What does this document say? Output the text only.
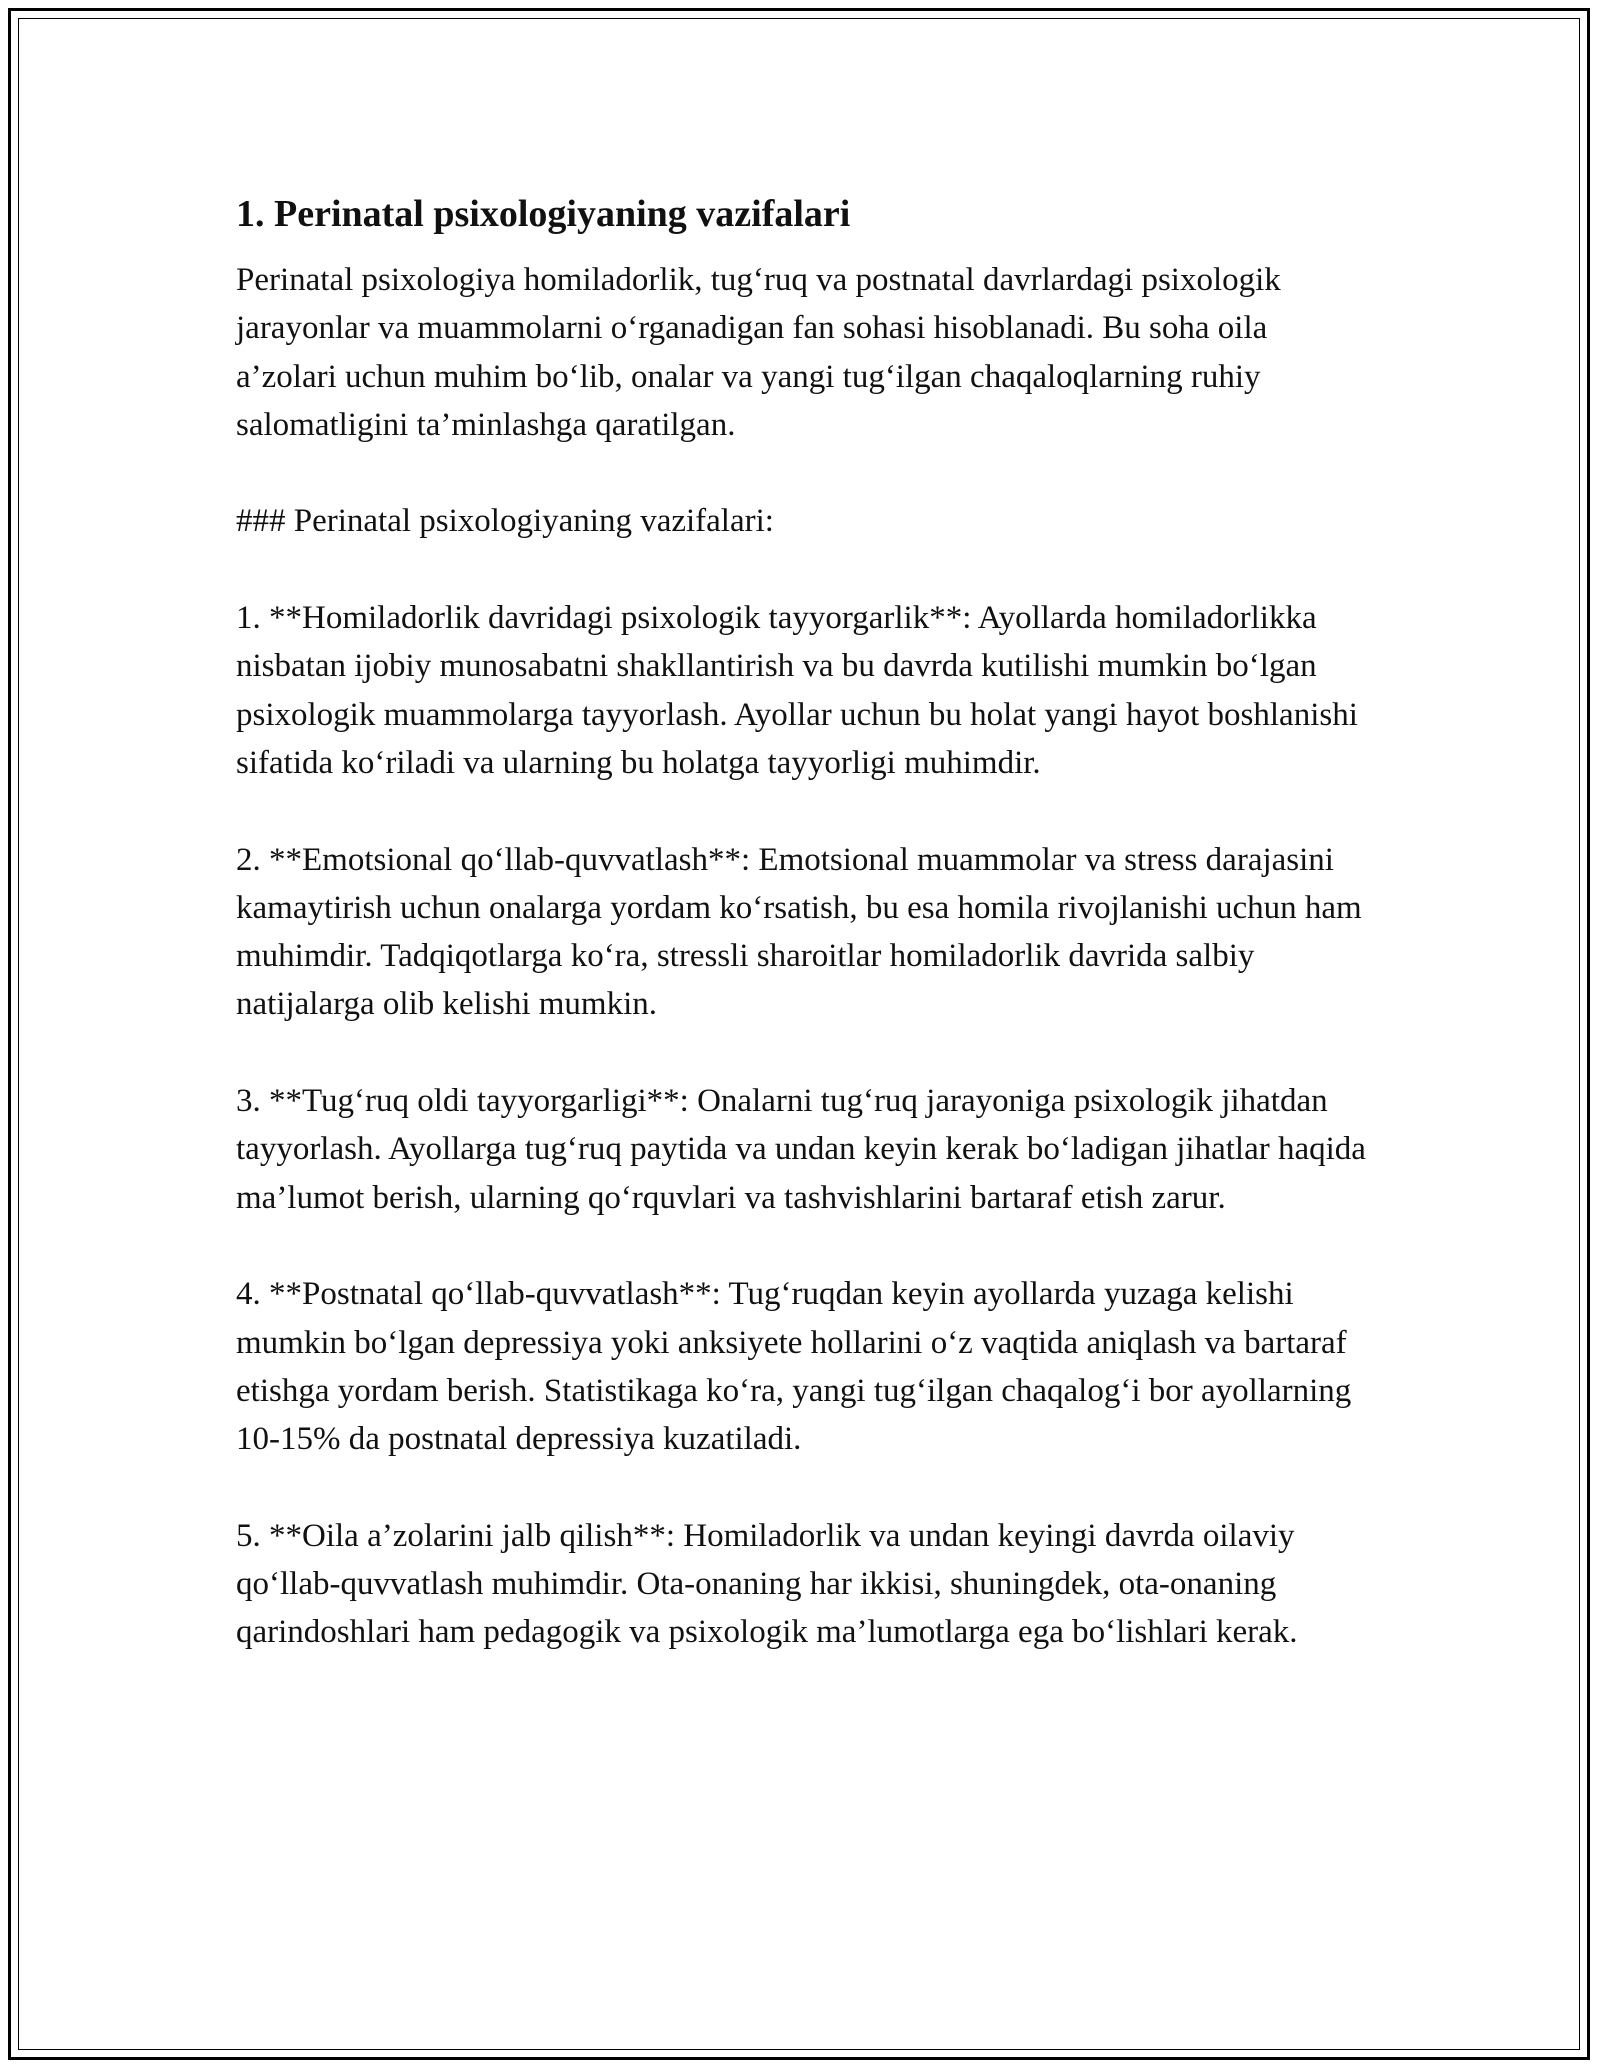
1. Perinatal psixologiyaning vazifalari

Perinatal psixologiya homiladorlik, tug‘ruq va postnatal davrlardagi psixologik jarayonlar va muammolarni o‘rganadigan fan sohasi hisoblanadi. Bu soha oila a’zolari uchun muhim bo‘lib, onalar va yangi tug‘ilgan chaqaloqlarning ruhiy salomatligini ta’minlashga qaratilgan.

### Perinatal psixologiyaning vazifalari:

1. **Homiladorlik davridagi psixologik tayyorgarlik**: Ayollarda homiladorlikka nisbatan ijobiy munosabatni shakllantirish va bu davrda kutilishi mumkin bo‘lgan psixologik muammolarga tayyorlash. Ayollar uchun bu holat yangi hayot boshlanishi sifatida ko‘riladi va ularning bu holatga tayyorligi muhimdir.

2. **Emotsional qo‘llab-quvvatlash**: Emotsional muammolar va stress darajasini kamaytirish uchun onalarga yordam ko‘rsatish, bu esa homila rivojlanishi uchun ham muhimdir. Tadqiqotlarga ko‘ra, stressli sharoitlar homiladorlik davrida salbiy natijalarga olib kelishi mumkin.

3. **Tug‘ruq oldi tayyorgarligi**: Onalarni tug‘ruq jarayoniga psixologik jihatdan tayyorlash. Ayollarga tug‘ruq paytida va undan keyin kerak bo‘ladigan jihatlar haqida ma’lumot berish, ularning qo‘rquvlari va tashvishlarini bartaraf etish zarur.

4. **Postnatal qo‘llab-quvvatlash**: Tug‘ruqdan keyin ayollarda yuzaga kelishi mumkin bo‘lgan depressiya yoki anksiyete hollarini o‘z vaqtida aniqlash va bartaraf etishga yordam berish. Statistikaga ko‘ra, yangi tug‘ilgan chaqalog‘i bor ayollarning 10-15% da postnatal depressiya kuzatiladi.

5. **Oila a’zolarini jalb qilish**: Homiladorlik va undan keyingi davrda oilaviy qo‘llab-quvvatlash muhimdir. Ota-onaning har ikkisi, shuningdek, ota-onaning qarindoshlari ham pedagogik va psixologik ma’lumotlarga ega bo‘lishlari kerak.
